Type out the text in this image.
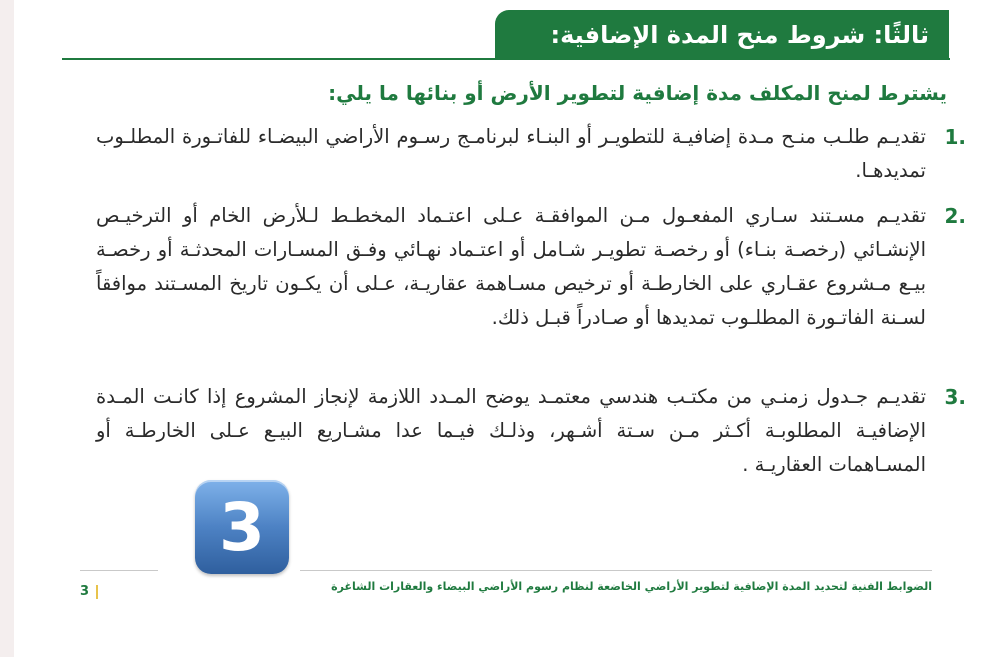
ثالثًا: شروط منح المدة الإضافية:
يشترط لمنح المكلف مدة إضافية لتطوير الأرض أو بنائها ما يلي:
1.
تقديـم طلـب منـح مـدة إضافيـة للتطويـر أو البنـاء لبرنامـج رسـوم الأراضي البيضـاء للفاتـورة المطلـوب تمديدهـا.
2.
تقديـم مسـتند سـاري المفعـول مـن الموافقـة عـلى اعتـماد المخطـط لـلأرض الخام أو الترخيـص الإنشـائي (رخصـة بنـاء) أو رخصـة تطويـر شـامل أو اعتـماد نهـائي وفـق المسـارات المحدثـة أو رخصـة بيـع مـشروع عقـاري على الخارطـة أو ترخيص مسـاهمة عقاريـة، عـلى أن يكـون تاريخ المسـتند موافقاً لسـنة الفاتـورة المطلـوب تمديدها أو صـادراً قبـل ذلك.
3.
تقديـم جـدول زمنـي من مكتـب هندسي معتمـد يوضح المـدد اللازمة لإنجاز المشروع إذا كانـت المـدة الإضافيـة المطلوبـة أكـثر مـن سـتة أشـهر، وذلـك فيـما عدا مشـاريع البيـع عـلى الخارطـة أو المسـاهمات العقاريـة .
3
الضوابط الفنية لتحديد المدة الإضافية لتطوير الأراضي الخاضعة لنظام رسوم الأراضي البيضاء والعقارات الشاغرة
3
